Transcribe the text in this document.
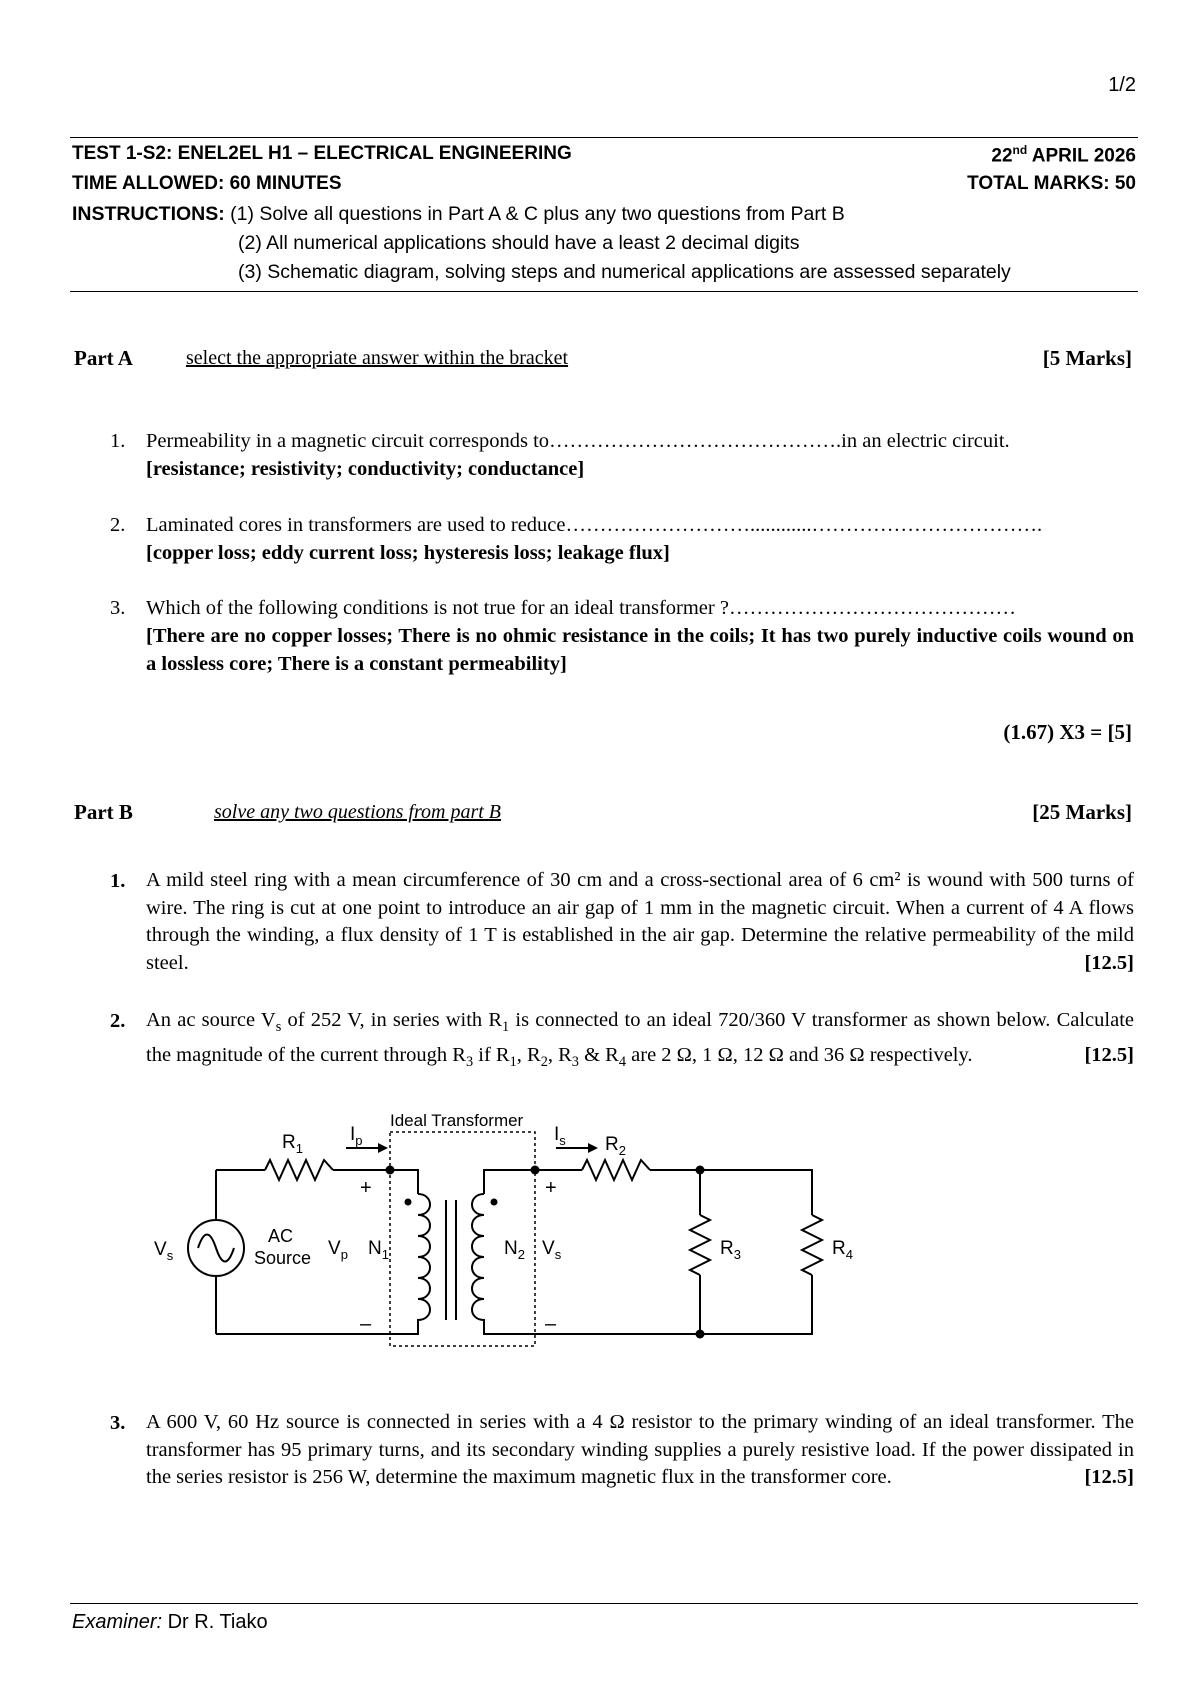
1/2
TEST 1-S2: ENEL2EL H1 – ELECTRICAL ENGINEERING	22nd APRIL 2026
TIME ALLOWED: 60 MINUTES	TOTAL MARKS: 50
INSTRUCTIONS: (1) Solve all questions in Part A & C plus any two questions from Part B
(2) All numerical applications should have a least 2 decimal digits
(3) Schematic diagram, solving steps and numerical applications are assessed separately
Part A	select the appropriate answer within the bracket	[5 Marks]
1. Permeability in a magnetic circuit corresponds to…………………………………….in an electric circuit.
[resistance; resistivity; conductivity; conductance]
2. Laminated cores in transformers are used to reduce………………………............…………………………….
[copper loss; eddy current loss; hysteresis loss; leakage flux]
3. Which of the following conditions is not true for an ideal transformer ?……………………………………
[There are no copper losses; There is no ohmic resistance in the coils; It has two purely inductive coils wound on a lossless core; There is a constant permeability]
(1.67) X3 = [5]
Part B	solve any two questions from part B	[25 Marks]
1. A mild steel ring with a mean circumference of 30 cm and a cross-sectional area of 6 cm² is wound with 500 turns of wire. The ring is cut at one point to introduce an air gap of 1 mm in the magnetic circuit. When a current of 4 A flows through the winding, a flux density of 1 T is established in the air gap. Determine the relative permeability of the mild steel.	[12.5]
2. An ac source $V_s$ of 252 V, in series with $R_1$ is connected to an ideal 720/360 V transformer as shown below. Calculate the magnitude of the current through $R_3$ if $R_1$, $R_2$, $R_3$ & $R_4$ are 2 Ω, 1 Ω, 12 Ω and 36 Ω respectively.	[12.5]
Ideal Transformer
$R_1$
$I_p$	$I_s$ $R_2$
$V_s$
AC
Source $V_p$ $N_1$	$N_2$ $V_s$	$R_3$	$R_4$
+
–
+
–
3. A 600 V, 60 Hz source is connected in series with a 4 Ω resistor to the primary winding of an ideal transformer. The transformer has 95 primary turns, and its secondary winding supplies a purely resistive load. If the power dissipated in the series resistor is 256 W, determine the maximum magnetic flux in the transformer core.	[12.5]
Examiner: Dr R. Tiako
